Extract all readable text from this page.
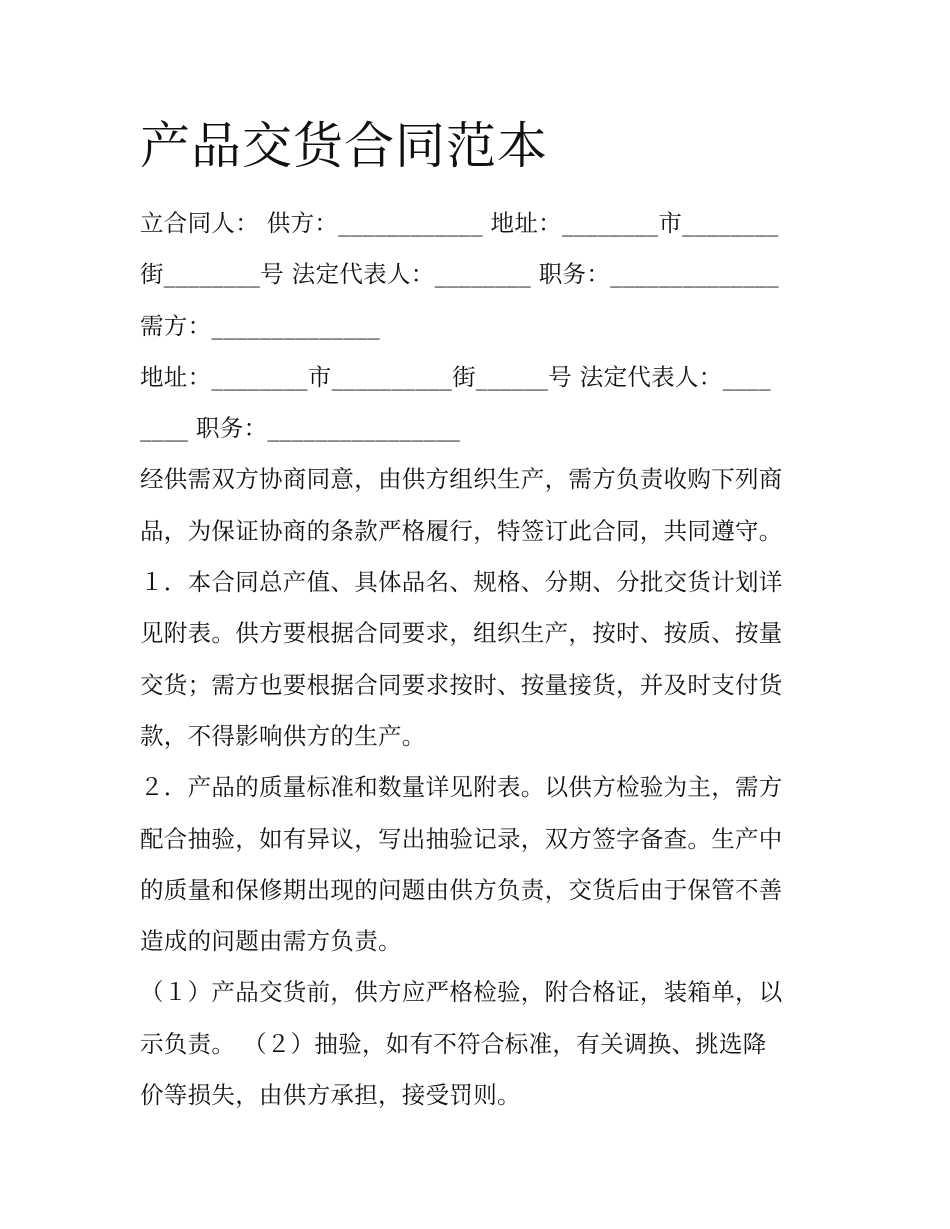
产品交货合同范本
立合同人： 供方：____________ 地址：________市________
街________号 法定代表人：________ 职务：______________
需方：______________
地址：________市__________街______号 法定代表人：____
____ 职务：________________
经供需双方协商同意，由供方组织生产，需方负责收购下列商
品，为保证协商的条款严格履行，特签订此合同，共同遵守。
１．本合同总产值、具体品名、规格、分期、分批交货计划详
见附表。供方要根据合同要求，组织生产，按时、按质、按量
交货；需方也要根据合同要求按时、按量接货，并及时支付货
款，不得影响供方的生产。
２．产品的质量标准和数量详见附表。以供方检验为主，需方
配合抽验，如有异议，写出抽验记录，双方签字备查。生产中
的质量和保修期出现的问题由供方负责，交货后由于保管不善
造成的问题由需方负责。
（１）产品交货前，供方应严格检验，附合格证，装箱单，以
示负责。 （２）抽验，如有不符合标准，有关调换、挑选降
价等损失，由供方承担，接受罚则。
